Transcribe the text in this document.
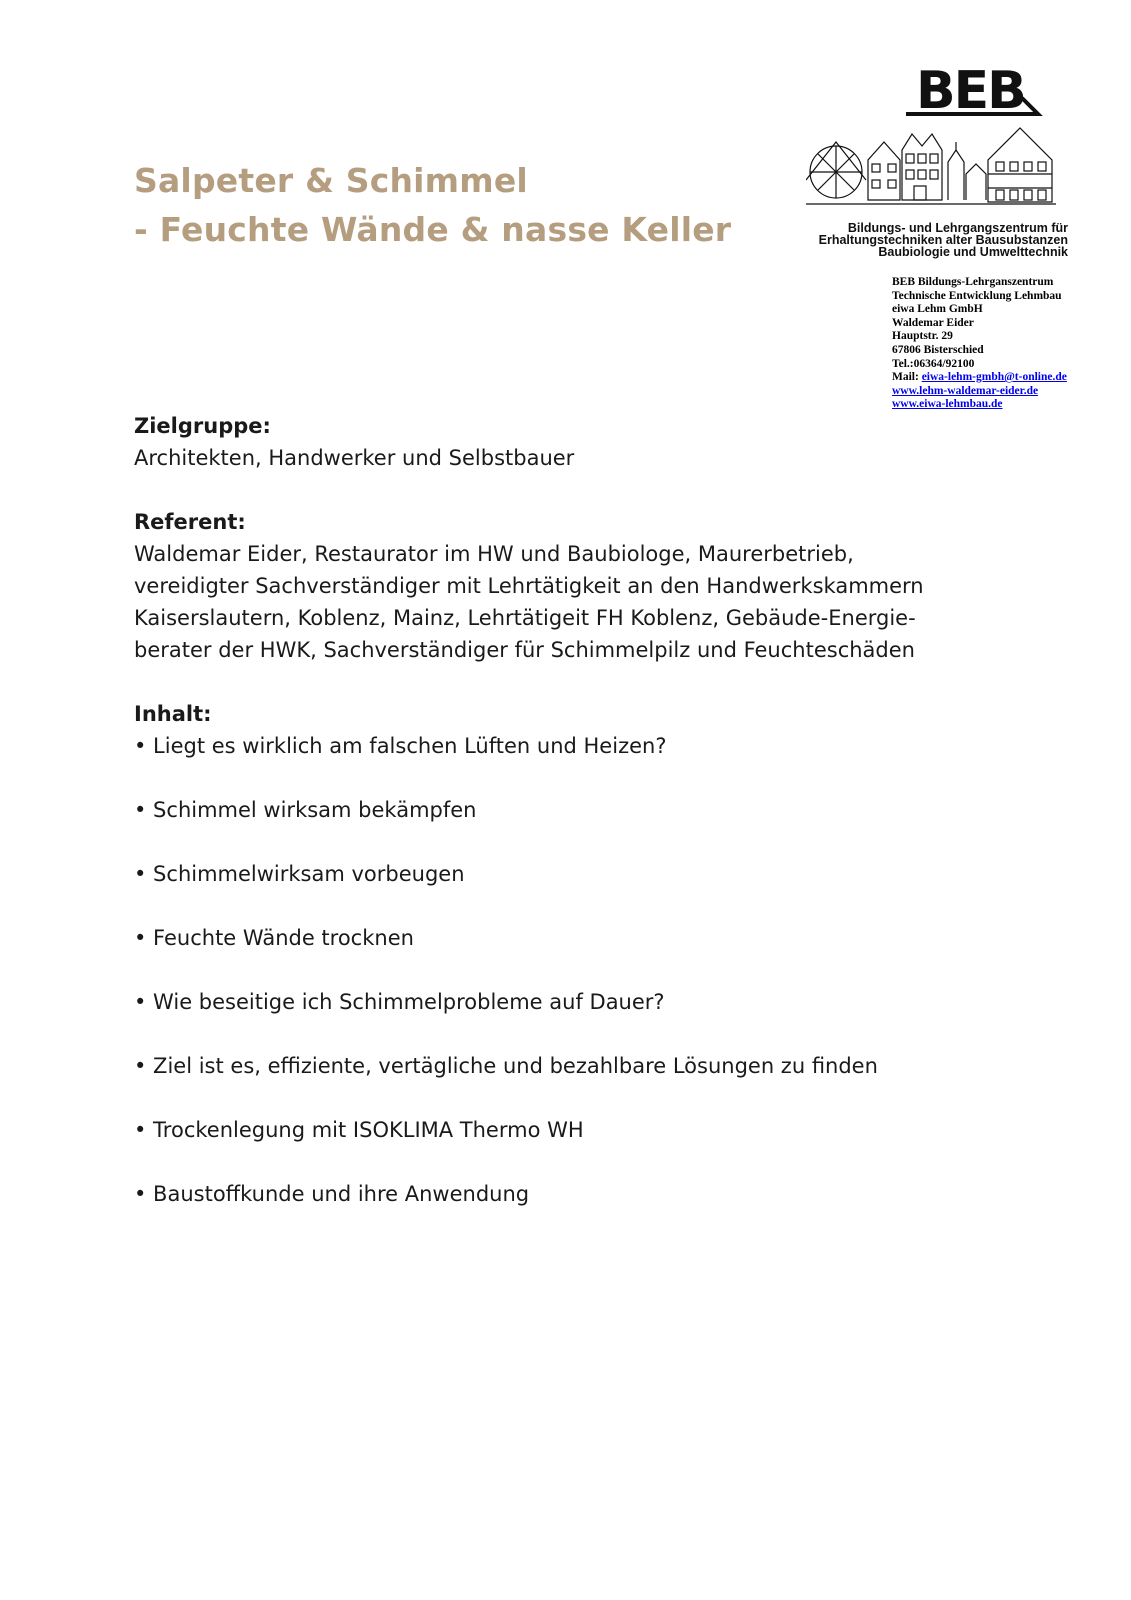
Salpeter & Schimmel
- Feuchte Wände & nasse Keller
BEB
Bildungs- und Lehrgangszentrum für
Erhaltungstechniken alter Bausubstanzen
Baubiologie und Umwelttechnik
BEB Bildungs-Lehrganszentrum
Technische Entwicklung Lehmbau
eiwa Lehm GmbH
Waldemar Eider
Hauptstr. 29
67806 Bisterschied
Tel.:06364/92100
Mail: eiwa-lehm-gmbh@t-online.de
www.lehm-waldemar-eider.de
www.eiwa-lehmbau.de
Zielgruppe:
Architekten, Handwerker und Selbstbauer
Referent:
Waldemar Eider, Restaurator im HW und Baubiologe, Maurerbetrieb,
vereidigter Sachverständiger mit Lehrtätigkeit an den Handwerkskammern
Kaiserslautern, Koblenz, Mainz, Lehrtätigeit FH Koblenz, Gebäude-Energie-
berater der HWK, Sachverständiger für Schimmelpilz und Feuchteschäden
Inhalt:
• Liegt es wirklich am falschen Lüften und Heizen?
• Schimmel wirksam bekämpfen
• Schimmelwirksam vorbeugen
• Feuchte Wände trocknen
• Wie beseitige ich Schimmelprobleme auf Dauer?
• Ziel ist es, effiziente, vertägliche und bezahlbare Lösungen zu finden
• Trockenlegung mit ISOKLIMA Thermo WH
• Baustoffkunde und ihre Anwendung
